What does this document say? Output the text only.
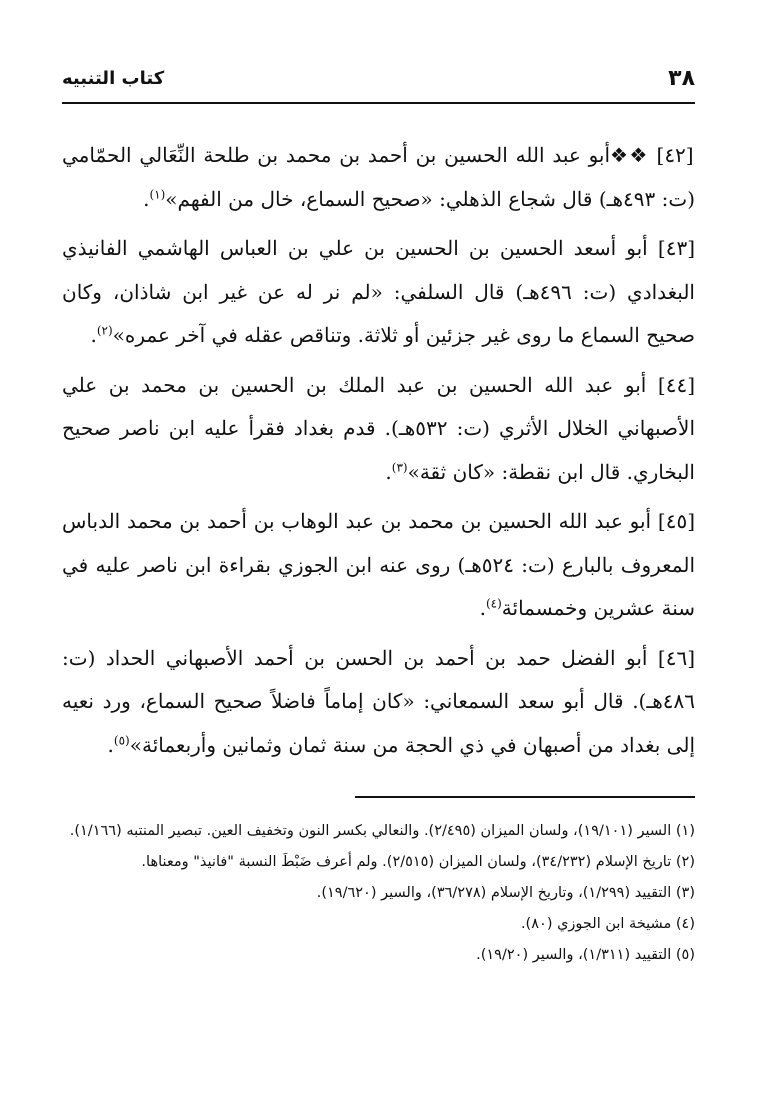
٣٨
كتاب التنبيه

[٤٢] ❖❖أبو عبد الله الحسين بن أحمد بن محمد بن طلحة النِّعَالي الحمّامي (ت: ٤٩٣هـ) قال شجاع الذهلي: «صحيح السماع، خال من الفهم»$^{(١)}$.

[٤٣] أبو أسعد الحسين بن الحسين بن علي بن العباس الهاشمي الفانيذي البغدادي (ت: ٤٩٦هـ) قال السلفي: «لم نر له عن غير ابن شاذان، وكان صحيح السماع ما روى غير جزئين أو ثلاثة. وتناقص عقله في آخر عمره»$^{(٢)}$.

[٤٤] أبو عبد الله الحسين بن عبد الملك بن الحسين بن محمد بن علي الأصبهاني الخلال الأثري (ت: ٥٣٢هـ). قدم بغداد فقرأ عليه ابن ناصر صحيح البخاري. قال ابن نقطة: «كان ثقة»$^{(٣)}$.

[٤٥] أبو عبد الله الحسين بن محمد بن عبد الوهاب بن أحمد بن محمد الدباس المعروف بالبارع (ت: ٥٢٤هـ) روى عنه ابن الجوزي بقراءة ابن ناصر عليه في سنة عشرين وخمسمائة$^{(٤)}$.

[٤٦] أبو الفضل حمد بن أحمد بن الحسن بن أحمد الأصبهاني الحداد (ت: ٤٨٦هـ). قال أبو سعد السمعاني: «كان إماماً فاضلاً صحيح السماع، ورد نعيه إلى بغداد من أصبهان في ذي الحجة من سنة ثمان وثمانين وأربعمائة»$^{(٥)}$.

(١) السير (١٩/١٠١)، ولسان الميزان (٢/٤٩٥). والنعالي بكسر النون وتخفيف العين. تبصير المنتبه (١/١٦٦).

(٢) تاريخ الإسلام (٣٤/٢٣٢)، ولسان الميزان (٢/٥١٥). ولم أعرف ضَبْطَ النسبة "فانيذ" ومعناها.

(٣) التقييد (١/٢٩٩)، وتاريخ الإسلام (٣٦/٢٧٨)، والسير (١٩/٦٢٠).

(٤) مشيخة ابن الجوزي (٨٠).

(٥) التقييد (١/٣١١)، والسير (١٩/٢٠).
